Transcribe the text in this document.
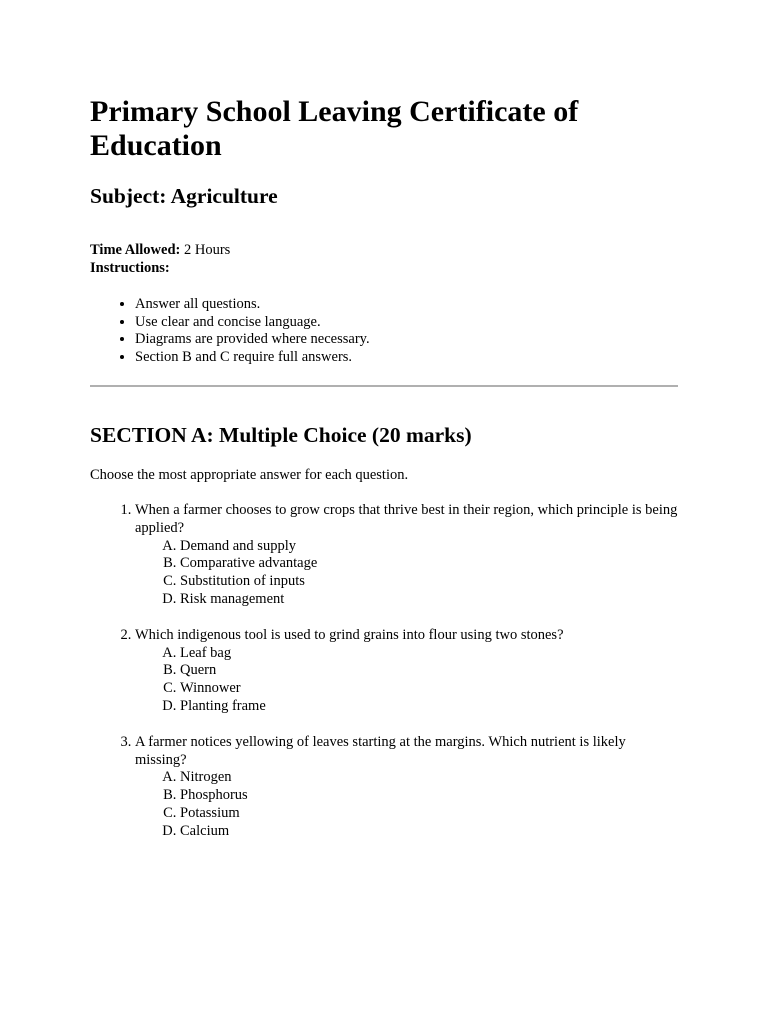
Primary School Leaving Certificate of Education
Subject: Agriculture

Time Allowed: 2 Hours

Instructions:

• Answer all questions.
• Use clear and concise language.
• Diagrams are provided where necessary.
• Section B and C require full answers.
SECTION A: Multiple Choice (20 marks)

Choose the most appropriate answer for each question.

1. When a farmer chooses to grow crops that thrive best in their region, which principle is being applied?
A. Demand and supply
B. Comparative advantage
C. Substitution of inputs
D. Risk management
2. Which indigenous tool is used to grind grains into flour using two stones?
A. Leaf bag
B. Quern
C. Winnower
D. Planting frame
3. A farmer notices yellowing of leaves starting at the margins. Which nutrient is likely missing?
A. Nitrogen
B. Phosphorus
C. Potassium
D. Calcium
